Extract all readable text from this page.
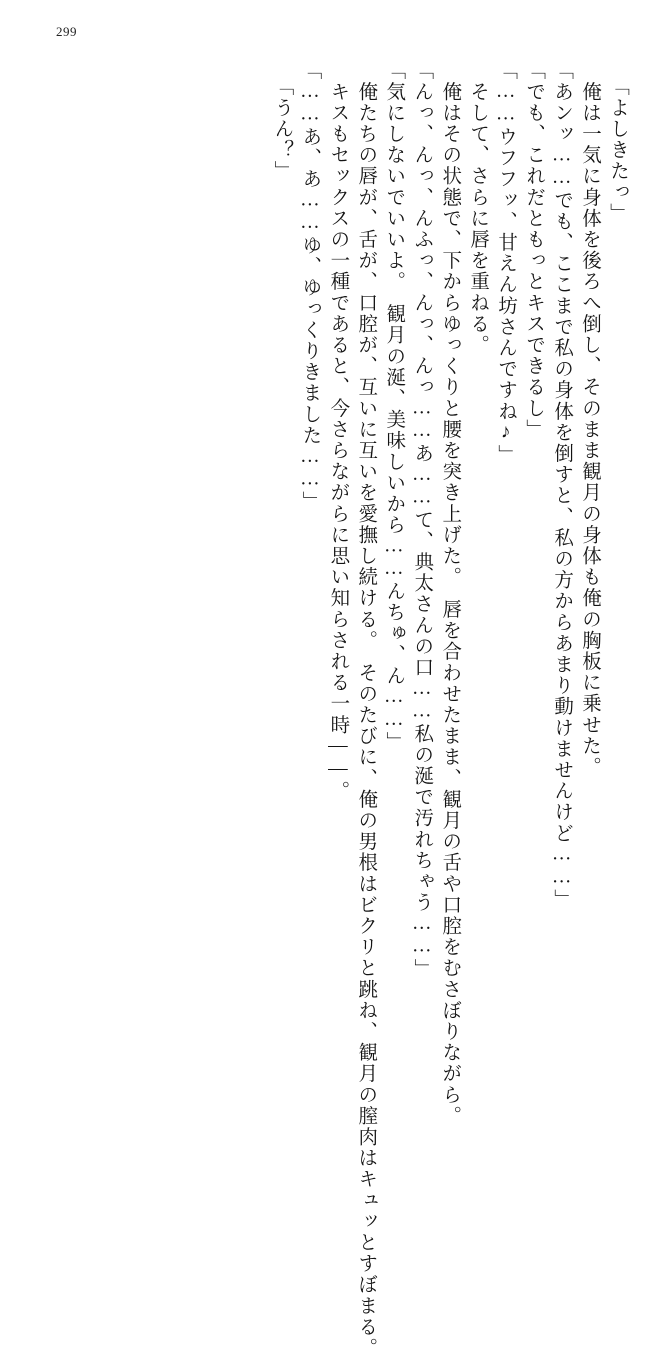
299
「よしきたっ」
　俺は一気に身体を後ろへ倒し、そのまま観月の身体も俺の胸板に乗せた。
「あンッ……でも、ここまで私の身体を倒すと、私の方からあまり動けませんけど……」
「でも、これだともっとキスできるし」
「……ウフフッ、甘えん坊さんですね♪」
　そして、さらに唇を重ねる。
　俺はその状態で、下からゆっくりと腰を突き上げた。　唇を合わせたまま、観月の舌や口腔をむさぼりながら。
「んっ、んっ、んふっ、んっ、んっ……あ……て、典太さんの口……私の涎で汚れちゃう……」
「気にしないでいいよ。　観月の涎、美味しいから……んちゅ、ん……」
　俺たちの唇が、舌が、口腔が、互いに互いを愛撫し続ける。　そのたびに、俺の男根はビクリと跳ね、観月の膣肉はキュッとすぼまる。
　キスもセックスの一種であると、今さらながらに思い知らされる一時——。
「……あ、あ……ゆ、ゆっくりきました……」
「うん？」
